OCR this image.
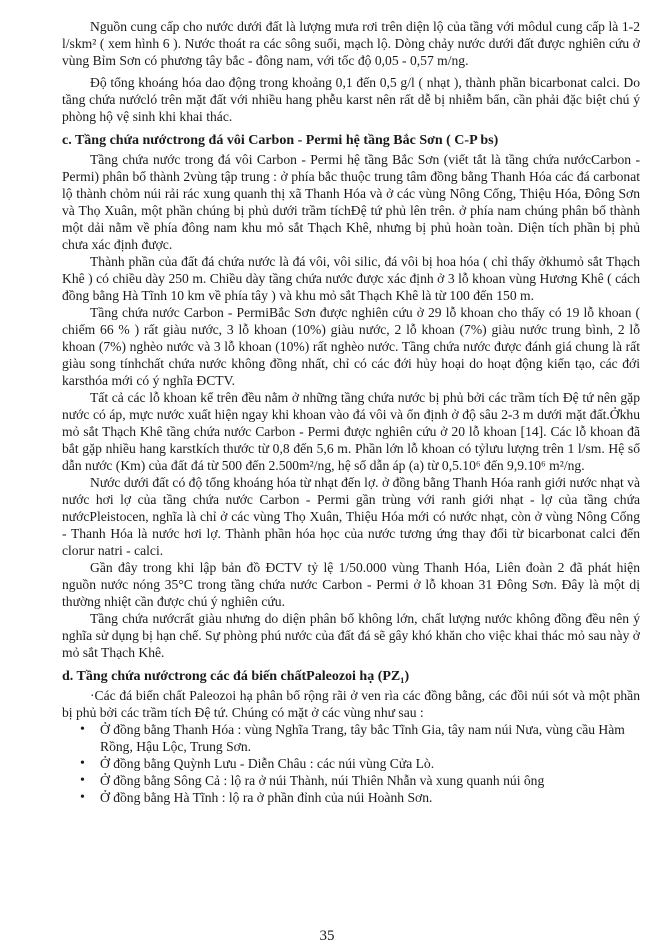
Nguồn cung cấp cho nước dưới đất là lượng mưa rơi trên diện lộ của tầng với môdul cung cấp là 1-2 l/skm² ( xem hình 6 ). Nước thoát ra các sông suối, mạch lộ. Dòng chảy nước dưới đất được nghiên cứu ở vùng Bỉm Sơn có phương tây bắc - đông nam, với tốc độ 0,05 - 0,57 m/ng.

Độ tổng khoáng hóa dao động trong khoảng 0,1 đến 0,5 g/l ( nhạt ), thành phần bicarbonat calci. Do tầng chứa nướcló trên mặt đất với nhiều hang phễu karst nên rất dễ bị nhiễm bẩn, cần phải đặc biệt chú ý phòng hộ vệ sinh khi khai thác.

c. Tầng chứa nướctrong đá vôi Carbon - Permi hệ tầng Bắc Sơn ( C-P bs)

Tầng chứa nước trong đá vôi Carbon - Permi hệ tầng Bắc Sơn (viết tắt là tầng chứa nướcCarbon - Permi) phân bố thành 2vùng tập trung : ở phía bắc thuộc trung tâm đồng bằng Thanh Hóa các đá carbonat lộ thành chỏm núi rải rác xung quanh thị xã Thanh Hóa và ở các vùng Nông Cống, Thiệu Hóa, Đông Sơn và Thọ Xuân, một phần chúng bị phủ dưới trầm tíchĐệ tứ phủ lên trên. ở phía nam chúng phân bố thành một dải nằm về phía đông nam khu mỏ sắt Thạch Khê, nhưng bị phủ hoàn toàn. Diện tích phần bị phủ chưa xác định được.

Thành phần của đất đá chứa nước là đá vôi, vôi silic, đá vôi bị hoa hóa ( chỉ thấy ởkhumỏ sắt Thạch Khê ) có chiều dày 250 m. Chiều dày tầng chứa nước được xác định ở 3 lỗ khoan vùng Hương Khê ( cách đồng bằng Hà Tĩnh 10 km về phía tây ) và khu mỏ sắt Thạch Khê là từ 100 đến 150 m.

Tầng chứa nước Carbon - PermiBắc Sơn được nghiên cứu ở 29 lỗ khoan cho thấy có 19 lỗ khoan ( chiếm 66 % ) rất giàu nước, 3 lỗ khoan (10%) giàu nước, 2 lỗ khoan (7%) giàu nước trung bình, 2 lỗ khoan (7%) nghèo nước và 3 lỗ khoan (10%) rất nghèo nước. Tầng chứa nước được đánh giá chung là rất giàu song tínhchất chứa nước không đồng nhất, chỉ có các đới hủy hoại do hoạt động kiến tạo, các đới karsthóa mới có ý nghĩa ĐCTV.

Tất cả các lỗ khoan kể trên đều nằm ở những tầng chứa nước bị phủ bởi các trầm tích Đệ tứ nên gặp nước có áp, mực nước xuất hiện ngay khi khoan vào đá vôi và ổn định ở độ sâu 2-3 m dưới mặt đất.Ởkhu mỏ sắt Thạch Khê tầng chứa nước Carbon - Permi được nghiên cứu ở 20 lỗ khoan [14]. Các lỗ khoan đã bắt gặp nhiều hang karstkích thước từ 0,8 đến 5,6 m. Phần lớn lỗ khoan có tỷlưu lượng trên 1 l/sm. Hệ số dẫn nước (Km) của đất đá từ 500 đến 2.500m²/ng, hệ số dẫn áp (a) từ 0,5.10⁶ đến 9,9.10⁶ m²/ng.

Nước dưới đất có độ tổng khoáng hóa từ nhạt đến lợ. ở đồng bằng Thanh Hóa ranh giới nước nhạt và nước hơi lợ của tầng chứa nước Carbon - Permi gần trùng với ranh giới nhạt - lợ của tầng chứa nướcPleistocen, nghĩa là chỉ ở các vùng Thọ Xuân, Thiệu Hóa mới có nước nhạt, còn ở vùng Nông Cống - Thanh Hóa là nước hơi lợ. Thành phần hóa học của nước tương ứng thay đổi từ bicarbonat calci đến clorur natri - calci.

Gần đây trong khi lập bản đồ ĐCTV tỷ lệ 1/50.000 vùng Thanh Hóa, Liên đoàn 2 đã phát hiện nguồn nước nóng 35°C trong tầng chứa nước Carbon - Permi ở lỗ khoan 31 Đông Sơn. Đây là một dị thường nhiệt cần được chú ý nghiên cứu.

Tầng chứa nướcrất giàu nhưng do diện phân bố không lớn, chất lượng nước không đồng đều nên ý nghĩa sử dụng bị hạn chế. Sự phòng phú nước của đất đá sẽ gây khó khăn cho việc khai thác mỏ sau này ở mỏ sắt Thạch Khê.

d. Tầng chứa nướctrong các đá biến chấtPaleozoi hạ (PZ₁)

·Các đá biến chất Paleozoi hạ phân bố rộng rãi ở ven rìa các đồng bằng, các đồi núi sót và một phần bị phủ bởi các trầm tích Đệ tứ. Chúng có mặt ở các vùng như sau :

• Ở đồng bằng Thanh Hóa : vùng Nghĩa Trang, tây bắc Tĩnh Gia, tây nam núi Nưa, vùng cầu Hàm Rồng, Hậu Lộc, Trung Sơn.
• Ở đồng bằng Quỳnh Lưu - Diễn Châu : các núi vùng Cửa Lò.
• Ở đồng bằng Sông Cả : lộ ra ở núi Thành, núi Thiên Nhẫn và xung quanh núi ông
• Ở đồng bằng Hà Tĩnh : lộ ra ở phần đỉnh của núi Hoành Sơn.
35
